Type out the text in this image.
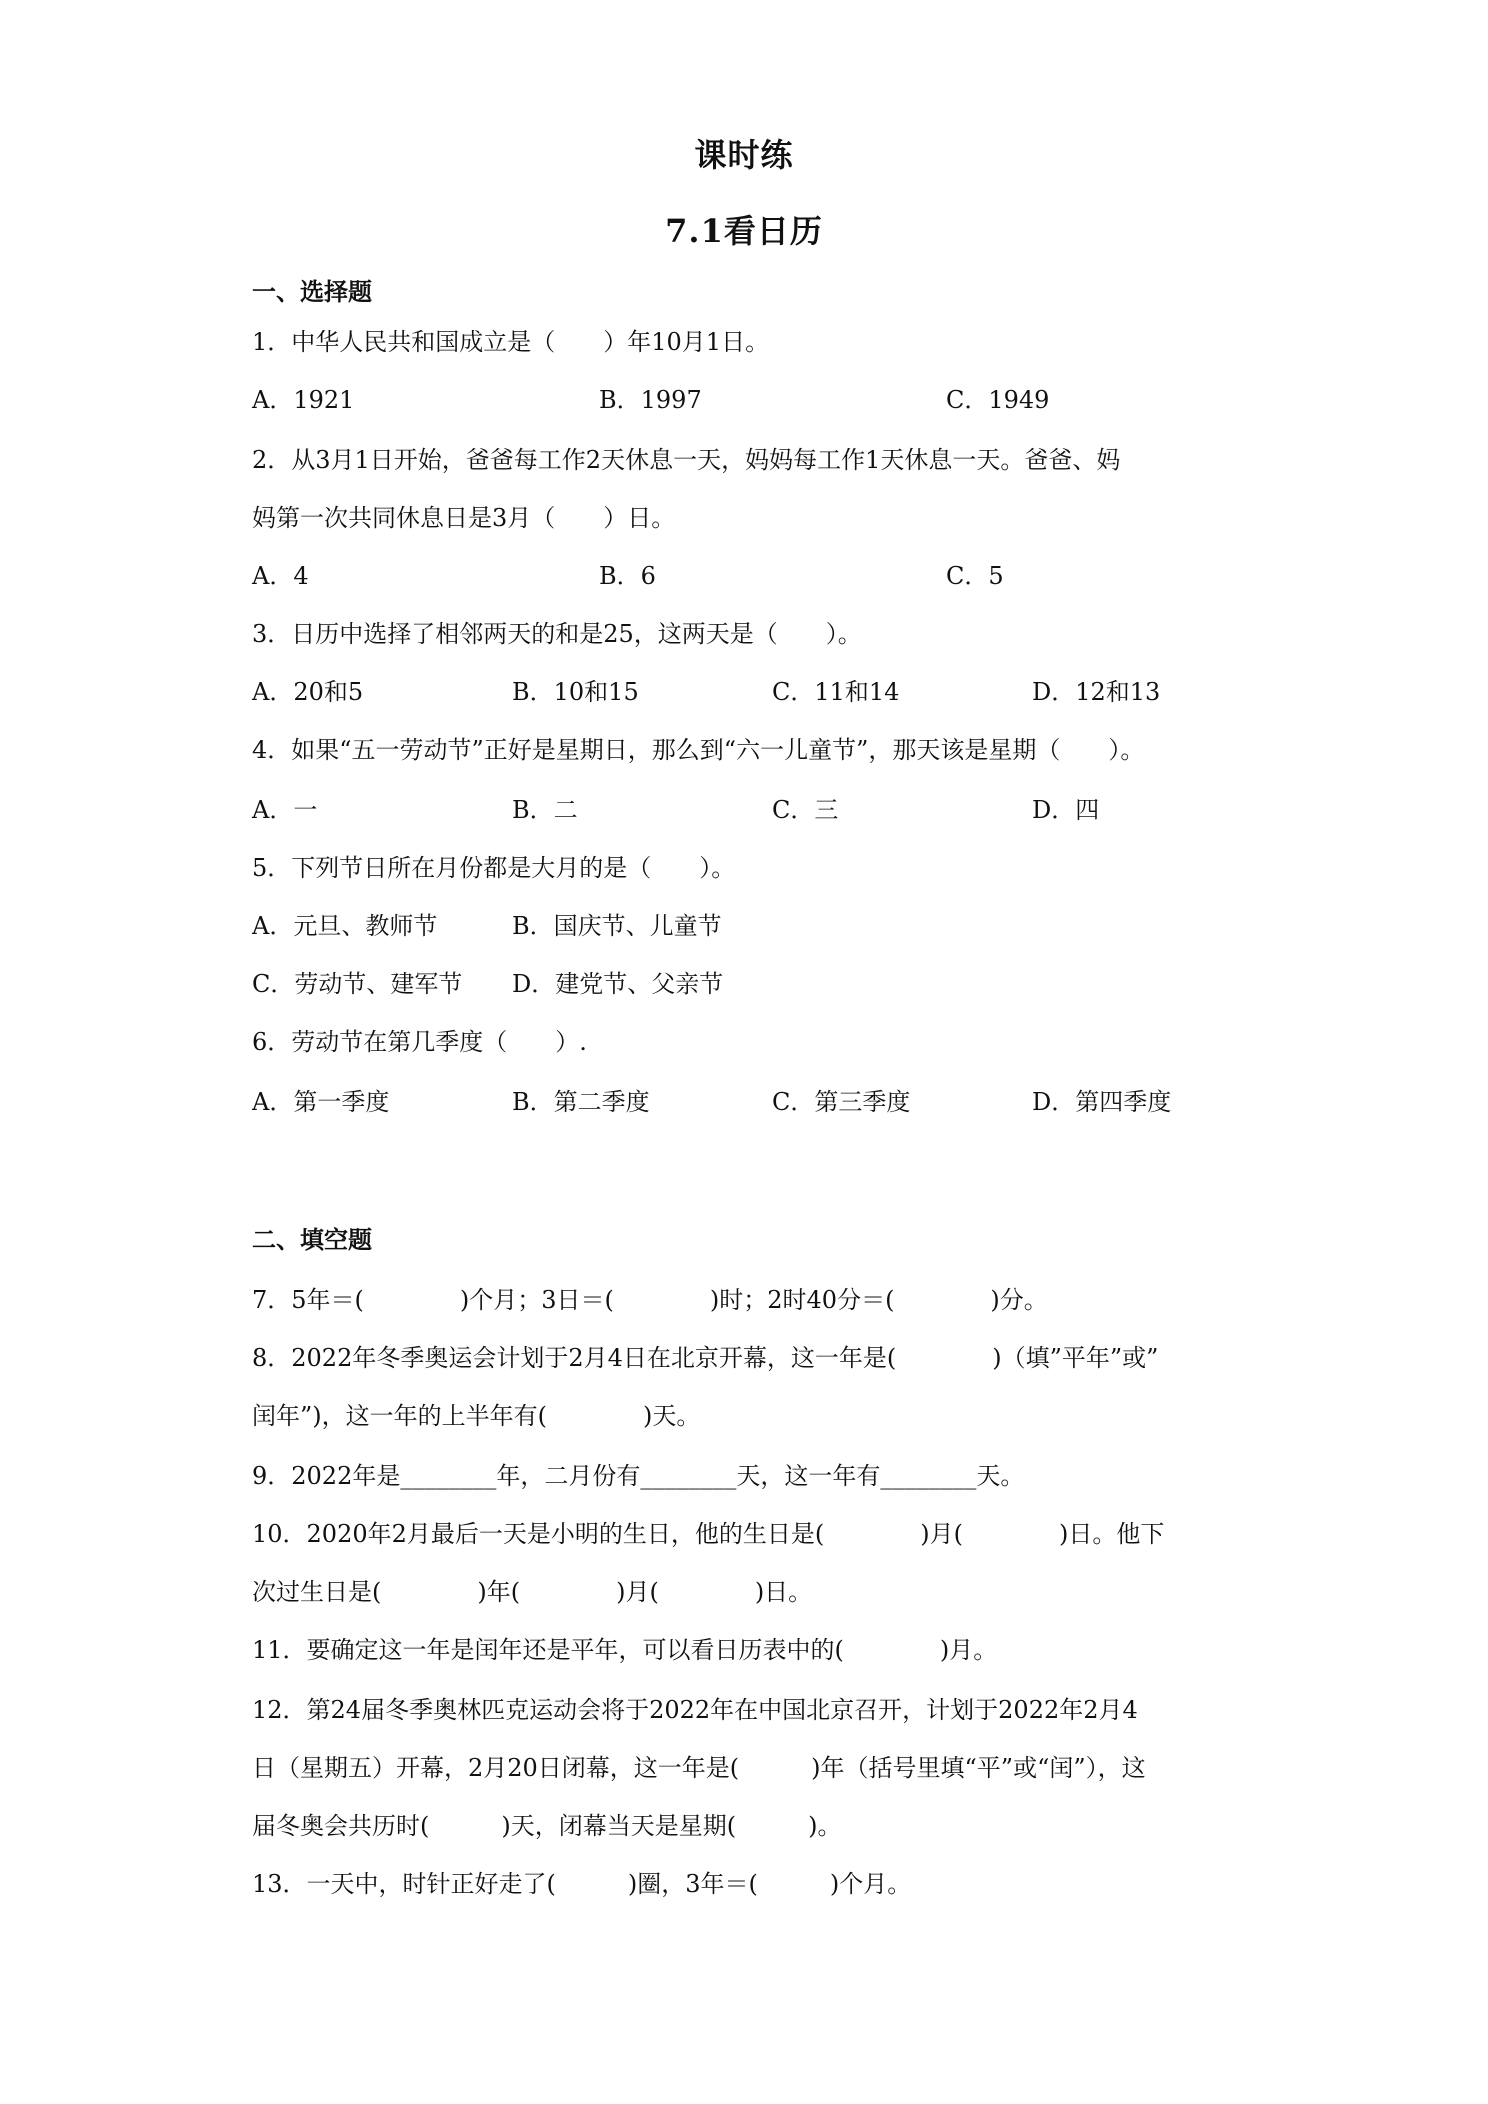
课时练
7.1看日历
一、选择题
1．中华人民共和国成立是（　　）年10月1日。
A．1921	B．1997	C．1949
2．从3月1日开始，爸爸每工作2天休息一天，妈妈每工作1天休息一天。爸爸、妈
妈第一次共同休息日是3月（　　）日。
A．4	B．6	C．5
3．日历中选择了相邻两天的和是25，这两天是（　　）。
A．20和5	B．10和15	C．11和14	D．12和13
4．如果“五一劳动节”正好是星期日，那么到“六一儿童节”，那天该是星期（　　）。
A．一	B．二	C．三	D．四
5．下列节日所在月份都是大月的是（　　）。
A．元旦、教师节	B．国庆节、儿童节
C．劳动节、建军节 D．建党节、父亲节
6．劳动节在第几季度（　　）.
A．第一季度	B．第二季度	C．第三季度	D．第四季度
二、填空题
7．5年＝(　　　　)个月；3日＝(　　　　)时；2时40分＝(　　　　)分。
8．2022年冬季奥运会计划于2月4日在北京开幕，这一年是(　　　　)（填”平年”或”
闰年”)，这一年的上半年有(　　　　)天。
9．2022年是________年，二月份有________天，这一年有________天。
10．2020年2月最后一天是小明的生日，他的生日是(　　　　)月(　　　　)日。他下
次过生日是(　　　　)年(　　　　)月(　　　　)日。
11．要确定这一年是闰年还是平年，可以看日历表中的(　　　　)月。
12．第24届冬季奥林匹克运动会将于2022年在中国北京召开，计划于2022年2月4
日（星期五）开幕，2月20日闭幕，这一年是(　　　)年（括号里填“平”或“闰”），这
届冬奥会共历时(　　　)天，闭幕当天是星期(　　　)。
13．一天中，时针正好走了(　　　)圈，3年＝(　　　)个月。
